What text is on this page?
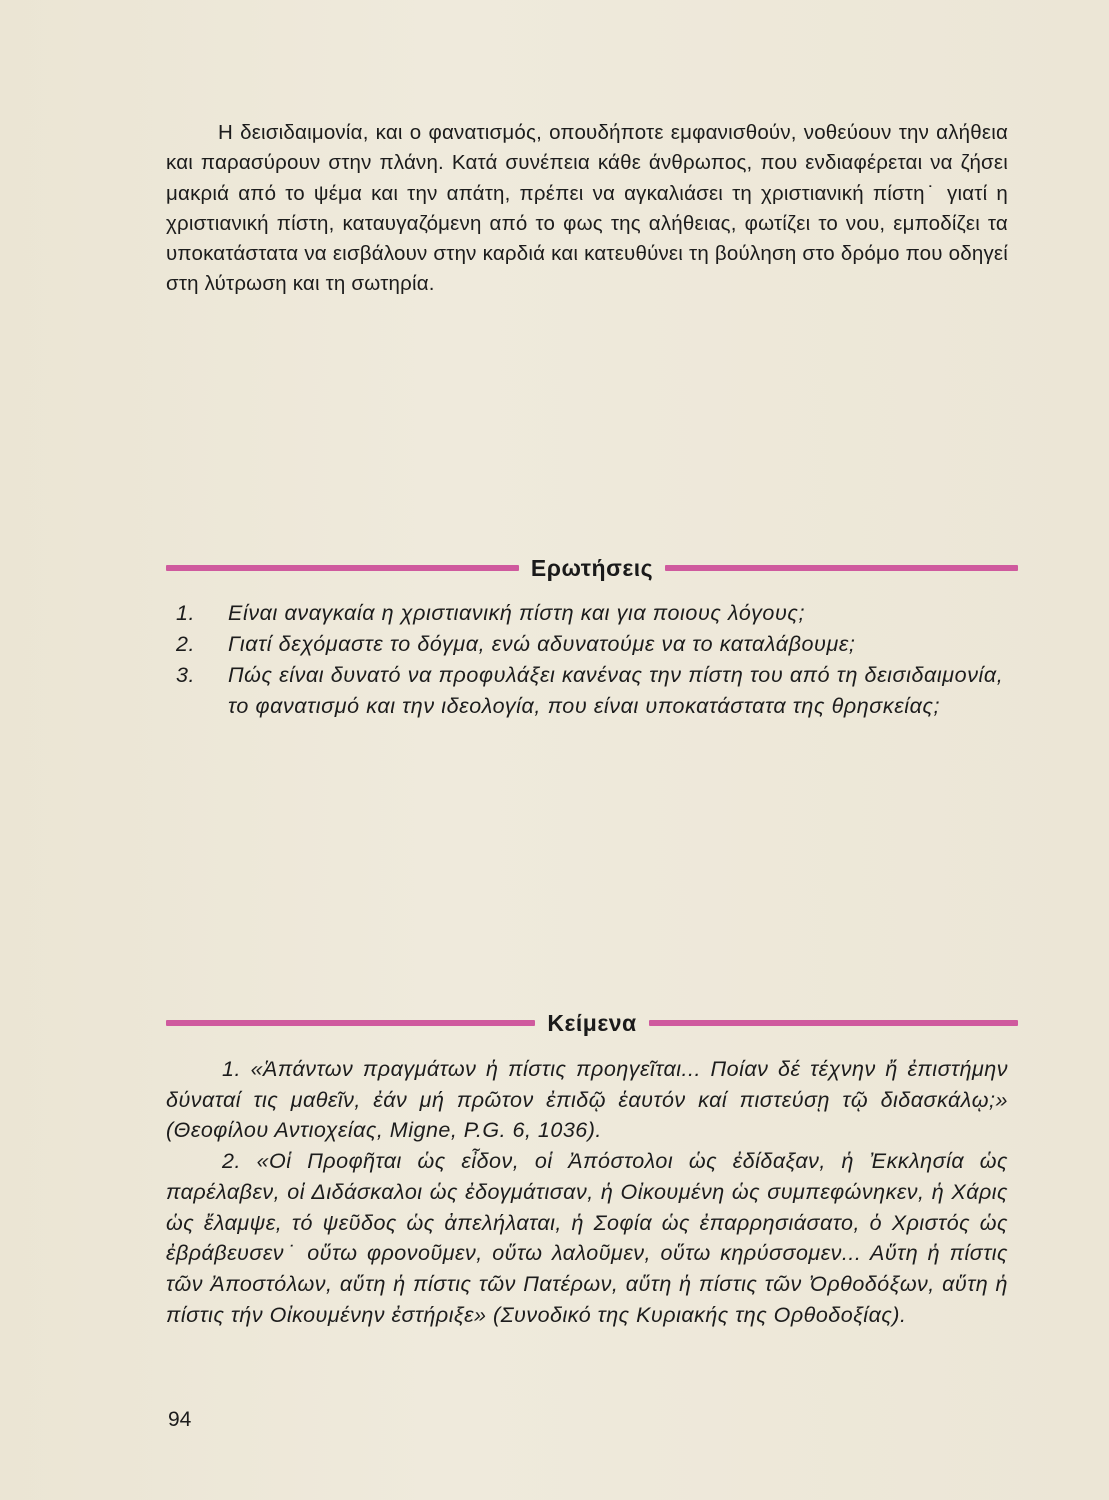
Η δεισιδαιμονία, και ο φανατισμός, οπουδήποτε εμφανισθούν, νοθεύουν την αλήθεια και παρασύρουν στην πλάνη. Κατά συνέπεια κάθε άνθρωπος, που ενδιαφέρεται να ζήσει μακριά από το ψέμα και την απάτη, πρέπει να αγκαλιάσει τη χριστιανική πίστη˙ γιατί η χριστιανική πίστη, καταυγαζόμενη από το φως της αλήθειας, φωτίζει το νου, εμποδίζει τα υποκατάστατα να εισβάλουν στην καρδιά και κατευθύνει τη βούληση στο δρόμο που οδηγεί στη λύτρωση και τη σωτηρία.

Ερωτήσεις
1.	Είναι αναγκαία η χριστιανική πίστη και για ποιους λόγους;
2.	Γιατί δεχόμαστε το δόγμα, ενώ αδυνατούμε να το καταλάβουμε;
3.	Πώς είναι δυνατό να προφυλάξει κανένας την πίστη του από τη δεισιδαιμονία, το φανατισμό και την ιδεολογία, που είναι υποκατάστατα της θρησκείας;
Κείμενα

1. «Ἁπάντων πραγμάτων ἡ πίστις προηγεῖται... Ποίαν δέ τέχνην ἤ ἐπιστήμην δύναταί τις μαθεῖν, ἐάν μή πρῶτον ἐπιδῷ ἑαυτόν καί πιστεύσῃ τῷ διδασκάλῳ;» (Θεοφίλου Αντιοχείας, Migne, P.G. 6, 1036).

2. «Οἱ Προφῆται ὡς εἶδον, οἱ Ἀπόστολοι ὡς ἐδίδαξαν, ἡ Ἐκκλησία ὡς παρέλαβεν, οἱ Διδάσκαλοι ὡς ἐδογμάτισαν, ἡ Οἰκουμένη ὡς συμπεφώνηκεν, ἡ Χάρις ὡς ἔλαμψε, τό ψεῦδος ὡς ἀπελήλαται, ἡ Σοφία ὡς ἐπαρρησιάσατο, ὁ Χριστός ὡς ἐβράβευσεν˙ οὕτω φρονοῦμεν, οὕτω λαλοῦμεν, οὕτω κηρύσσομεν... Αὕτη ἡ πίστις τῶν Ἀποστόλων, αὕτη ἡ πίστις τῶν Πατέρων, αὕτη ἡ πίστις τῶν Ὀρθοδόξων, αὕτη ἡ πίστις τήν Οἰκουμένην ἐστήριξε» (Συνοδικό της Κυριακής της Ορθοδοξίας).

94
